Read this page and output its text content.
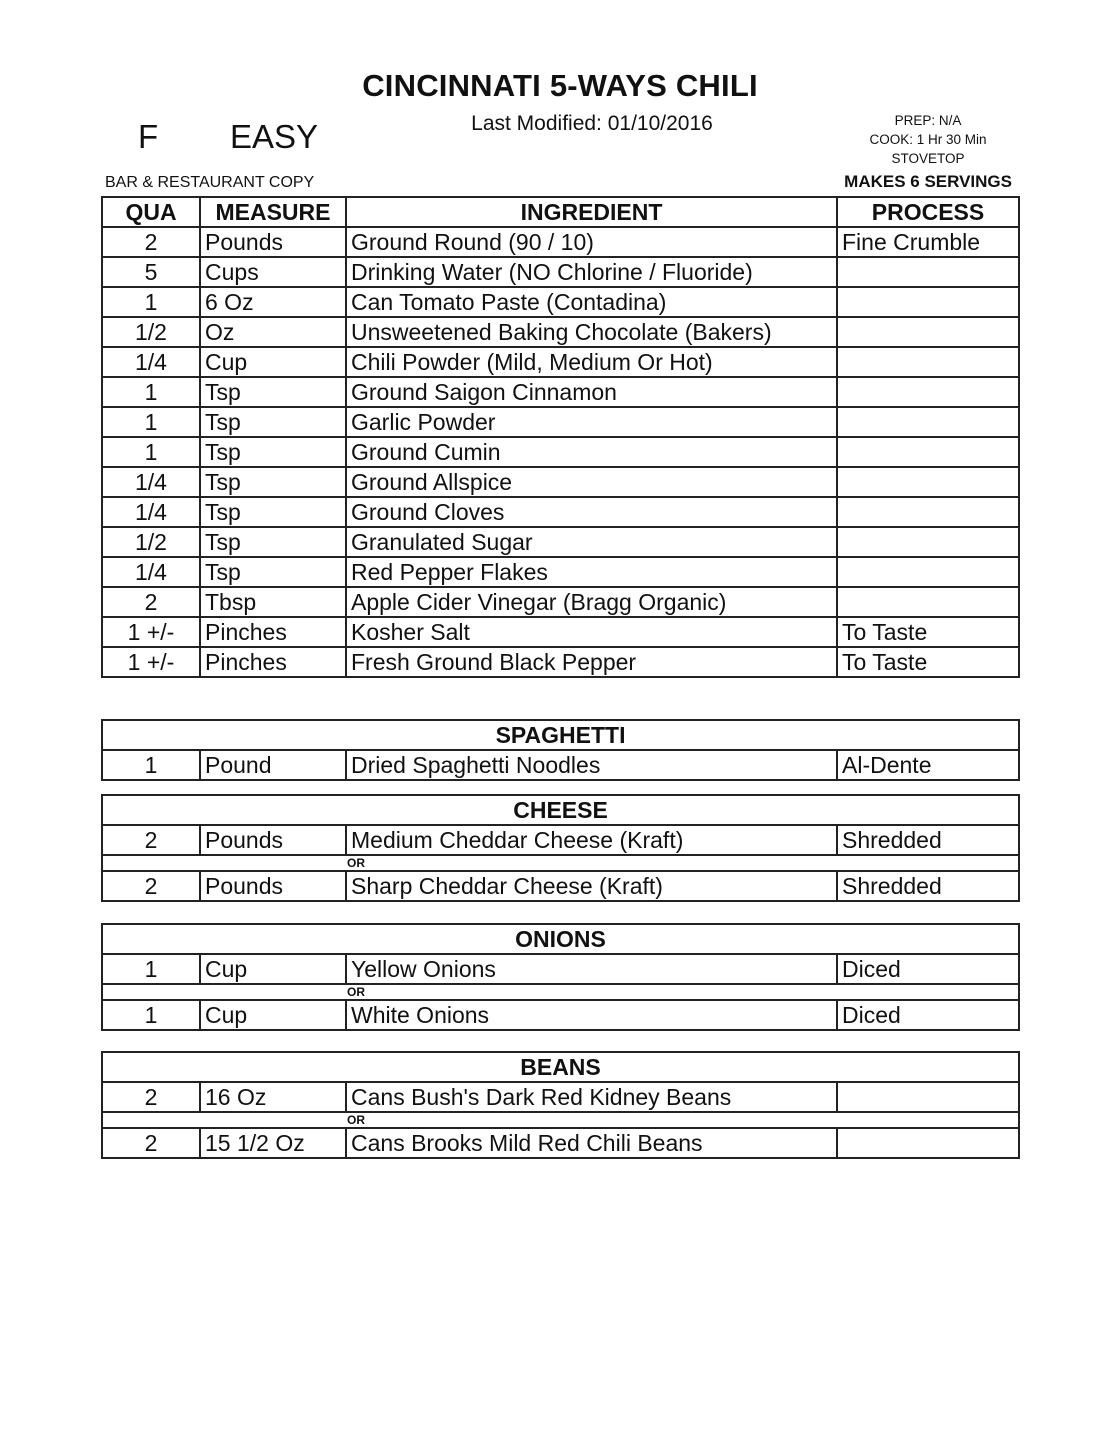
CINCINNATI 5-WAYS CHILI
Last Modified: 01/10/2016
F EASY	PREP: N/A
COOK: 1 Hr 30 Min
STOVETOP
BAR & RESTAURANT COPY	MAKES 6 SERVINGS
QUA	MEASURE	INGREDIENT	PROCESS
2	Pounds	Ground Round (90 / 10)	Fine Crumble
5	Cups	Drinking Water (NO Chlorine / Fluoride)	
1	6 Oz	Can Tomato Paste (Contadina)	
1/2	Oz	Unsweetened Baking Chocolate (Bakers)	
1/4	Cup	Chili Powder (Mild, Medium Or Hot)	
1	Tsp	Ground Saigon Cinnamon	
1	Tsp	Garlic Powder	
1	Tsp	Ground Cumin	
1/4	Tsp	Ground Allspice	
1/4	Tsp	Ground Cloves	
1/2	Tsp	Granulated Sugar	
1/4	Tsp	Red Pepper Flakes	
2	Tbsp	Apple Cider Vinegar (Bragg Organic)	
1 +/-	Pinches	Kosher Salt	To Taste
1 +/-	Pinches	Fresh Ground Black Pepper	To Taste
SPAGHETTI
1	Pound	Dried Spaghetti Noodles	Al-Dente
CHEESE			
2	Pounds	Medium Cheddar Cheese (Kraft)	Shredded
OR			
2	Pounds	Sharp Cheddar Cheese (Kraft)	Shredded
ONIONS			
1	Cup	Yellow Onions	Diced
OR			
1	Cup	White Onions	Diced
BEANS			
2	16 Oz	Cans Bush's Dark Red Kidney Beans	
OR			
2	15 1/2 Oz	Cans Brooks Mild Red Chili Beans	
